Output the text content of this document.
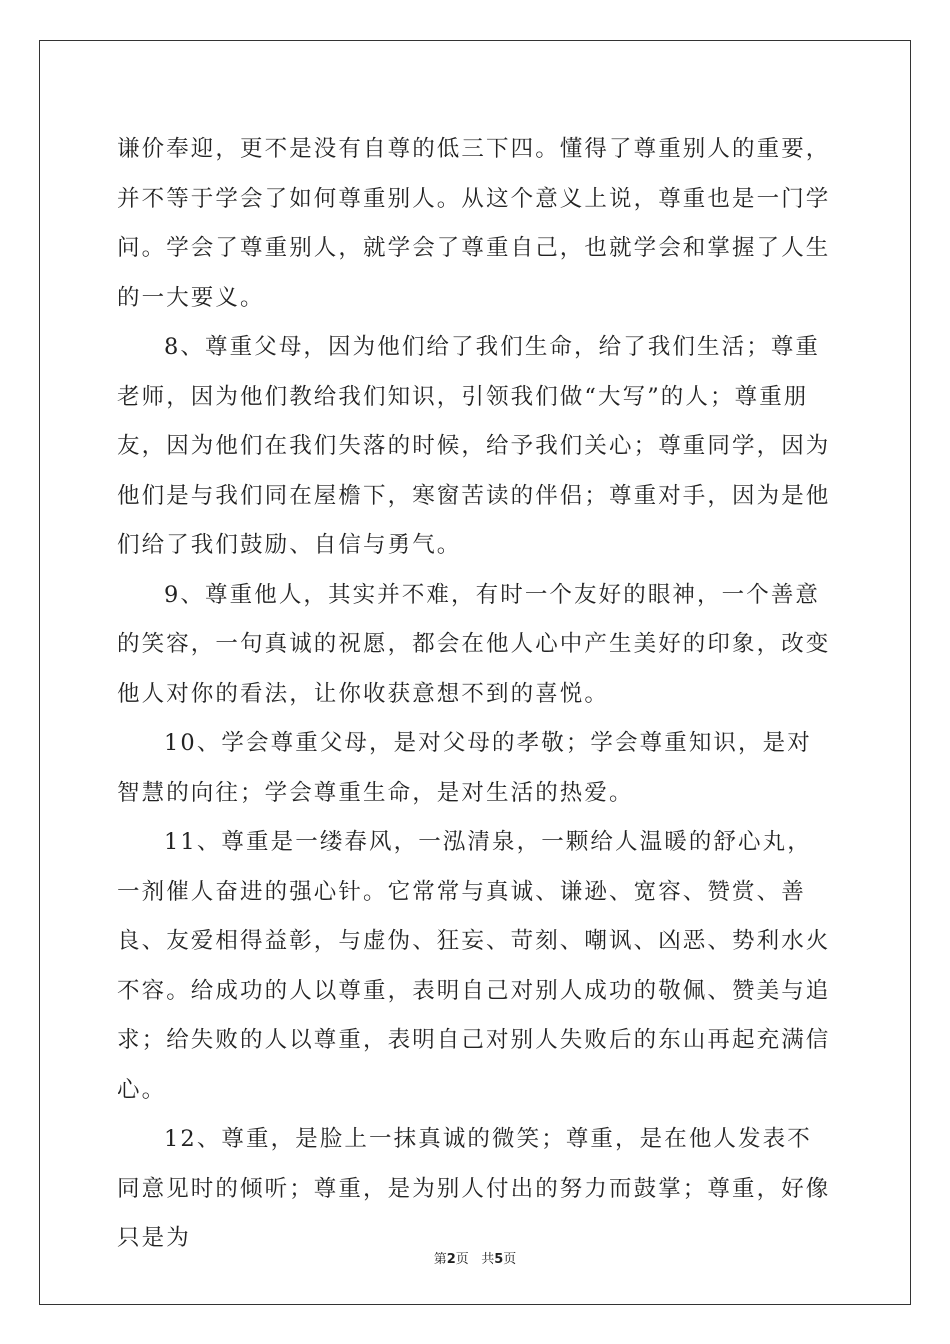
谦价奉迎，更不是没有自尊的低三下四。懂得了尊重别人的重要，并不等于学会了如何尊重别人。从这个意义上说，尊重也是一门学问。学会了尊重别人，就学会了尊重自己，也就学会和掌握了人生的一大要义。

8、尊重父母，因为他们给了我们生命，给了我们生活；尊重老师，因为他们教给我们知识，引领我们做“大写”的人；尊重朋友，因为他们在我们失落的时候，给予我们关心；尊重同学，因为他们是与我们同在屋檐下，寒窗苦读的伴侣；尊重对手，因为是他们给了我们鼓励、自信与勇气。

9、尊重他人，其实并不难，有时一个友好的眼神，一个善意的笑容，一句真诚的祝愿，都会在他人心中产生美好的印象，改变他人对你的看法，让你收获意想不到的喜悦。

10、学会尊重父母，是对父母的孝敬；学会尊重知识，是对智慧的向往；学会尊重生命，是对生活的热爱。

11、尊重是一缕春风，一泓清泉，一颗给人温暖的舒心丸，一剂催人奋进的强心针。它常常与真诚、谦逊、宽容、赞赏、善良、友爱相得益彰，与虚伪、狂妄、苛刻、嘲讽、凶恶、势利水火不容。给成功的人以尊重，表明自己对别人成功的敬佩、赞美与追求；给失败的人以尊重，表明自己对别人失败后的东山再起充满信心。

12、尊重，是脸上一抹真诚的微笑；尊重，是在他人发表不同意见时的倾听；尊重，是为别人付出的努力而鼓掌；尊重，好像只是为

第2页 共5页
